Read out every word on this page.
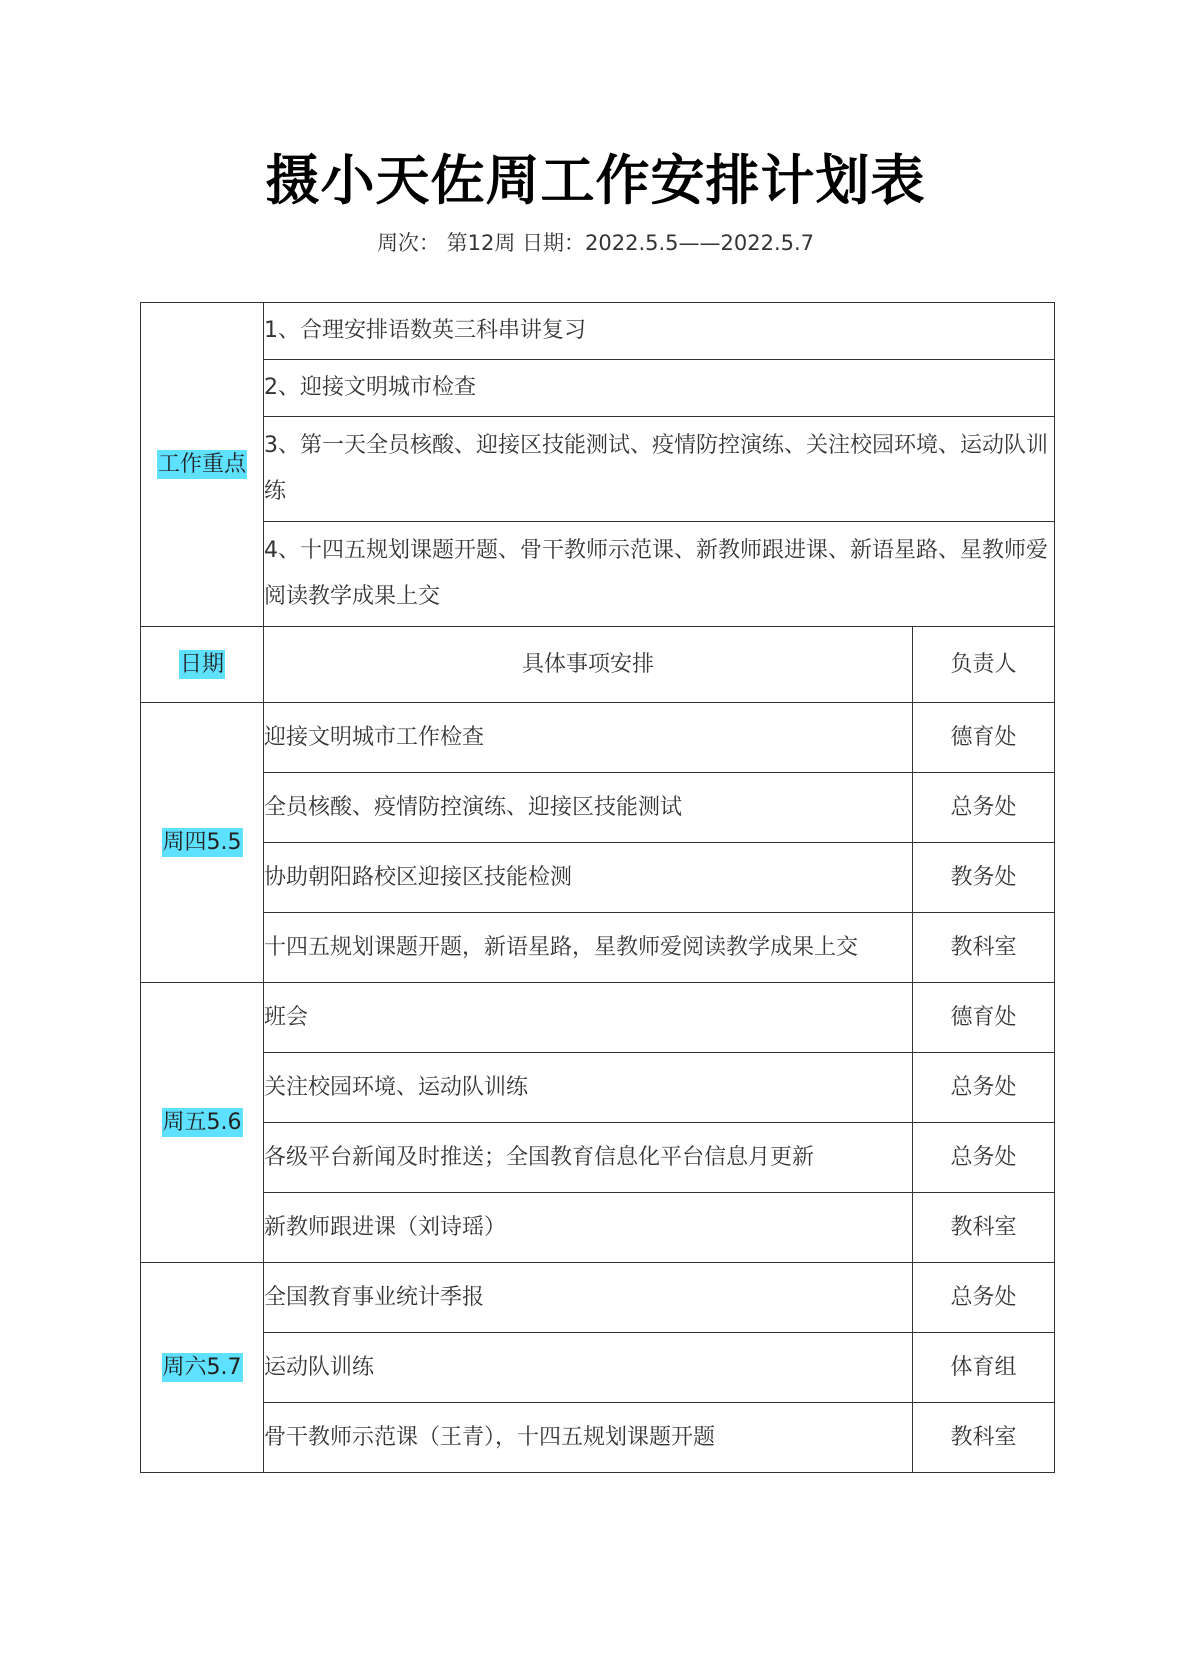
摄小天佐周工作安排计划表
周次： 第12周 日期：2022.5.5——2022.5.7
工作重点	1、合理安排语数英三科串讲复习	
	2、迎接文明城市检查	
	3、第一天全员核酸、迎接区技能测试、疫情防控演练、关注校园环境、运动队训练	
	4、十四五规划课题开题、骨干教师示范课、新教师跟进课、新语星路、星教师爱阅读教学成果上交	
日期	具体事项安排	负责人
周四5.5	迎接文明城市工作检查	德育处
	全员核酸、疫情防控演练、迎接区技能测试	总务处
	协助朝阳路校区迎接区技能检测	教务处
	十四五规划课题开题，新语星路，星教师爱阅读教学成果上交	教科室
周五5.6	班会	德育处
	关注校园环境、运动队训练	总务处
	各级平台新闻及时推送；全国教育信息化平台信息月更新	总务处
	新教师跟进课（刘诗瑶）	教科室
周六5.7	全国教育事业统计季报	总务处
	运动队训练	体育组
	骨干教师示范课（王青），十四五规划课题开题	教科室
